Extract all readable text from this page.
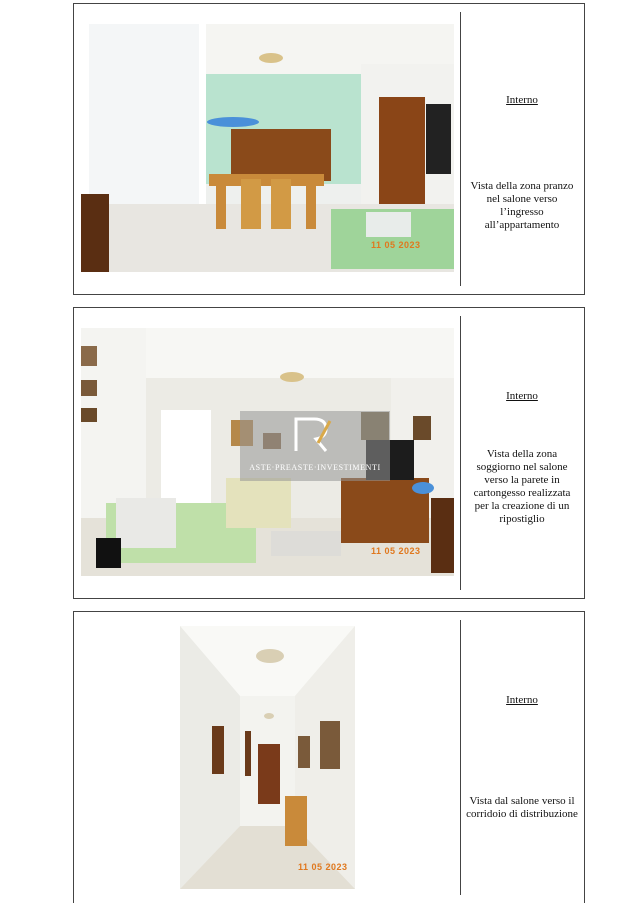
11 05 2023
Interno
Vista della zona pranzo nel salone verso l’ingresso all’appartamento
11 05 2023
ASTE·PREASTE·INVESTIMENTI
Interno
Vista della zona soggiorno nel salone verso la parete in cartongesso realizzata per la creazione di un ripostiglio
11 05 2023
Interno
Vista dal salone verso il corridoio di distribuzione
